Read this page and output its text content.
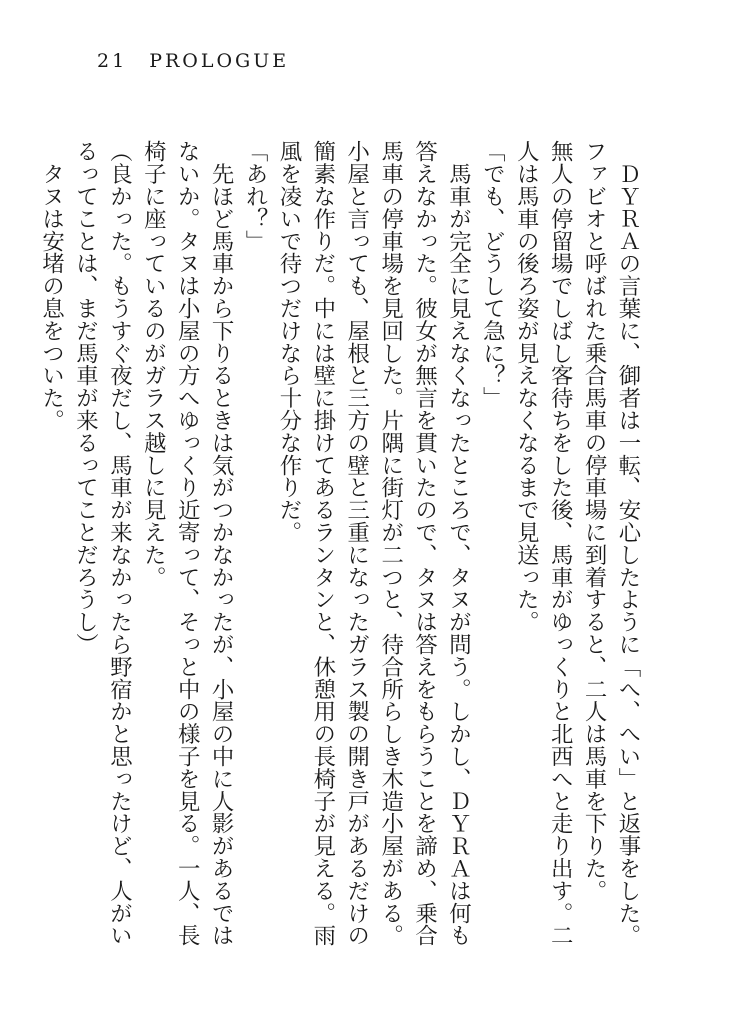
21 PROLOGUE

　ＤＹＲＡの言葉に、御者は一転、安心したように「へ、へい」と返事をした。

ファビオと呼ばれた乗合馬車の停車場に到着すると、二人は馬車を下りた。

無人の停留場でしばし客待ちをした後、馬車がゆっくりと北西へと走り出す。二人は馬車の後ろ姿が見えなくなるまで見送った。

「でも、どうして急に？」

　馬車が完全に見えなくなったところで、タヌが問う。しかし、ＤＹＲＡは何も答えなかった。彼女が無言を貫いたので、タヌは答えをもらうことを諦め、乗合馬車の停車場を見回した。片隅に街灯が二つと、待合所らしき木造小屋がある。小屋と言っても、屋根と三方の壁と三重になったガラス製の開き戸があるだけの簡素な作りだ。中には壁に掛けてあるランタンと、休憩用の長椅子が見える。雨風を凌いで待つだけなら十分な作りだ。

「あれ？」

　先ほど馬車から下りるときは気がつかなかったが、小屋の中に人影があるではないか。タヌは小屋の方へゆっくり近寄って、そっと中の様子を見る。一人、長椅子に座っているのがガラス越しに見えた。

（良かった。もうすぐ夜だし、馬車が来なかったら野宿かと思ったけど、人がいるってことは、まだ馬車が来るってことだろうし）

　タヌは安堵の息をついた。
